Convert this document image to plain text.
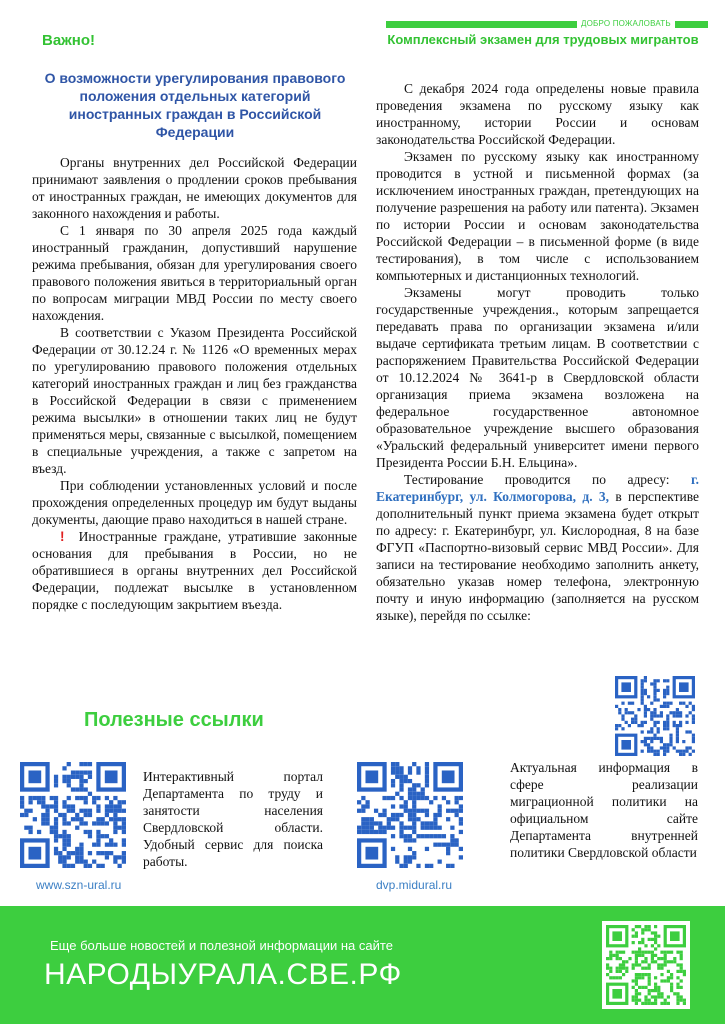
ДОБРО ПОЖАЛОВАТЬ
Важно!	Комплексный экзамен для трудовых мигрантов
О возможности урегулирования правового положения отдельных категорий иностранных граждан в Российской Федерации

Органы внутренних дел Российской Федерации принимают заявления о продлении сроков пребывания от иностранных граждан, не имеющих документов для законного нахождения и работы.

С 1 января по 30 апреля 2025 года каждый иностранный гражданин, допустивший нарушение режима пребывания, обязан для урегулирования своего правового положения явиться в территориальный орган по вопросам миграции МВД России по месту своего нахождения.

В соответствии с Указом Президента Российской Федерации от 30.12.24 г. № 1126 «О временных мерах по урегулированию правового положения отдельных категорий иностранных граждан и лиц без гражданства в Российской Федерации в связи с применением режима высылки» в отношении таких лиц не будут применяться меры, связанные с высылкой, помещением в специальные учреждения, а также с запретом на въезд.

При соблюдении установленных условий и после прохождения определенных процедур им будут выданы документы, дающие право находиться в нашей стране.

! Иностранные граждане, утратившие законные основания для пребывания в России, но не обратившиеся в органы внутренних дел Российской Федерации, подлежат высылке в установленном порядке с последующим закрытием въезда.

С декабря 2024 года определены новые правила проведения экзамена по русскому языку как иностранному, истории России и основам законодательства Российской Федерации.

Экзамен по русскому языку как иностранному проводится в устной и письменной формах (за исключением иностранных граждан, претендующих на получение разрешения на работу или патента). Экзамен по истории России и основам законодательства Российской Федерации – в письменной форме (в виде тестирования), в том числе с использованием компьютерных и дистанционных технологий.

Экзамены могут проводить только государственные учреждения., которым запрещается передавать права по организации экзамена и/или выдаче сертификата третьим лицам. В соответствии с распоряжением Правительства Российской Федерации от 10.12.2024 № 3641-р в Свердловской области организация приема экзамена возложена на федеральное государственное автономное образовательное учреждение высшего образования «Уральский федеральный университет имени первого Президента России Б.Н. Ельцина».

Тестирование проводится по адресу: г. Екатеринбург, ул. Колмогорова, д. 3, в перспективе дополнительный пункт приема экзамена будет открыт по адресу: г. Екатеринбург, ул. Кислородная, 8 на базе ФГУП «Паспортно-визовый сервис МВД России». Для записи на тестирование необходимо заполнить анкету, обязательно указав номер телефона, электронную почту и иную информацию (заполняется на русском языке), перейдя по ссылке:

Полезные ссылки
Интерактивный портал Департамента по труду и занятости населения Свердловской области. Удобный сервис для поиска работы.
www.szn-ural.ru
Актуальная информация в сфере реализации миграционной политики на официальном сайте Департамента внутренней политики Свердловской области
dvp.midural.ru
Еще больше новостей и полезной информации на сайте
НАРОДЫУРАЛА.СВЕ.РФ
